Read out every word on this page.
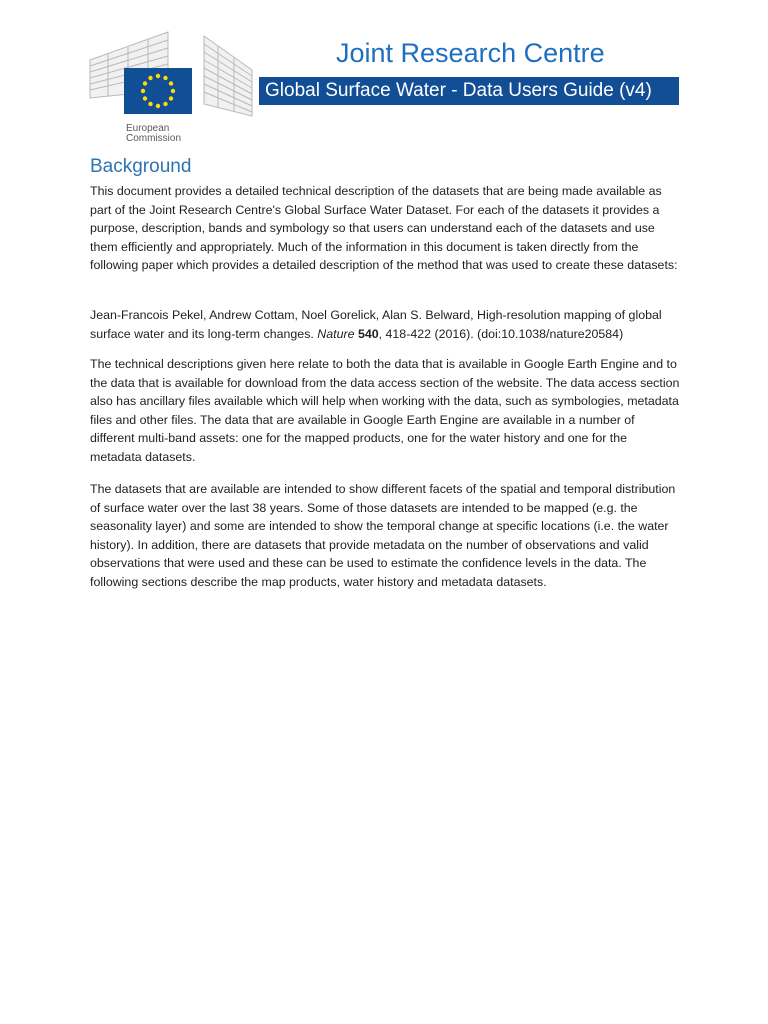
European
Commission
Joint Research Centre
Global Surface Water - Data Users Guide (v4)
Background

This document provides a detailed technical description of the datasets that are being made available as part of the Joint Research Centre's Global Surface Water Dataset. For each of the datasets it provides a purpose, description, bands and symbology so that users can understand each of the datasets and use them efficiently and appropriately. Much of the information in this document is taken directly from the following paper which provides a detailed description of the method that was used to create these datasets:

Jean-Francois Pekel, Andrew Cottam, Noel Gorelick, Alan S. Belward, High-resolution mapping of global surface water and its long-term changes. Nature 540, 418-422 (2016). (doi:10.1038/nature20584)

The technical descriptions given here relate to both the data that is available in Google Earth Engine and to the data that is available for download from the data access section of the website. The data access section also has ancillary files available which will help when working with the data, such as symbologies, metadata files and other files. The data that are available in Google Earth Engine are available in a number of different multi-band assets: one for the mapped products, one for the water history and one for the metadata datasets.

The datasets that are available are intended to show different facets of the spatial and temporal distribution of surface water over the last 38 years. Some of those datasets are intended to be mapped (e.g. the seasonality layer) and some are intended to show the temporal change at specific locations (i.e. the water history). In addition, there are datasets that provide metadata on the number of observations and valid observations that were used and these can be used to estimate the confidence levels in the data. The following sections describe the map products, water history and metadata datasets.
